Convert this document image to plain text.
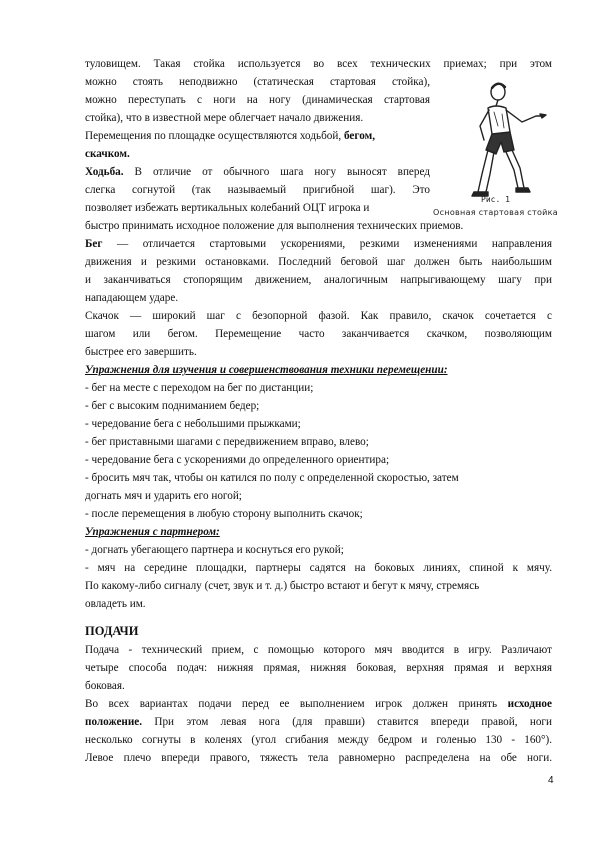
туловищем. Такая стойка используется во всех технических приемах; при этом
можно стоять неподвижно (статическая стартовая стойка),
можно переступать с ноги на ногу (динамическая стартовая
стойка), что в известной мере облегчает начало движения.
Перемещения по площадке осуществляются ходьбой, бегом,
скачком.
Ходьба. В отличие от обычного шага ногу выносят вперед
слегка согнутой (так называемый пригибной шаг). Это
позволяет избежать вертикальных колебаний ОЦТ игрока и
быстро принимать исходное положение для выполнения технических приемов.
Бег — отличается стартовыми ускорениями, резкими изменениями направления
движения и резкими остановками. Последний беговой шаг должен быть наибольшим
и заканчиваться стопорящим движением, аналогичным напрыгивающему шагу при
нападающем ударе.
Скачок — широкий шаг с безопорной фазой. Как правило, скачок сочетается с
шагом или бегом. Перемещение часто заканчивается скачком, позволяющим
быстрее его завершить.
Упражнения для изучения и совершенствования техники перемещении:
- бег на месте с переходом на бег по дистанции;
- бег с высоким подниманием бедер;
- чередование бега с небольшими прыжками;
- бег приставными шагами с передвижением вправо, влево;
- чередование бега с ускорениями до определенного ориентира;
- бросить мяч так, чтобы он катился по полу с определенной скоростью, затем
догнать мяч и ударить его ногой;
- после перемещения в любую сторону выполнить скачок;
Упражнения с партнером:
- догнать убегающего партнера и коснуться его рукой;
- мяч на середине площадки, партнеры садятся на боковых линиях, спиной к мячу.
По какому-либо сигналу (счет, звук и т. д.) быстро встают и бегут к мячу, стремясь
овладеть им.
ПОДАЧИ
Подача - технический прием, с помощью которого мяч вводится в игру. Различают
четыре способа подач: нижняя прямая, нижняя боковая, верхняя прямая и верхняя
боковая.
Во всех вариантах подачи перед ее выполнением игрок должен принять исходное
положение. При этом левая нога (для правши) ставится впереди правой, ноги
несколько согнуты в коленях (угол сгибания между бедром и голенью 130 - 160°).
Левое плечо впереди правого, тяжесть тела равномерно распределена на обе ноги.
Рис. 1
Основная стартовая стойка
4
